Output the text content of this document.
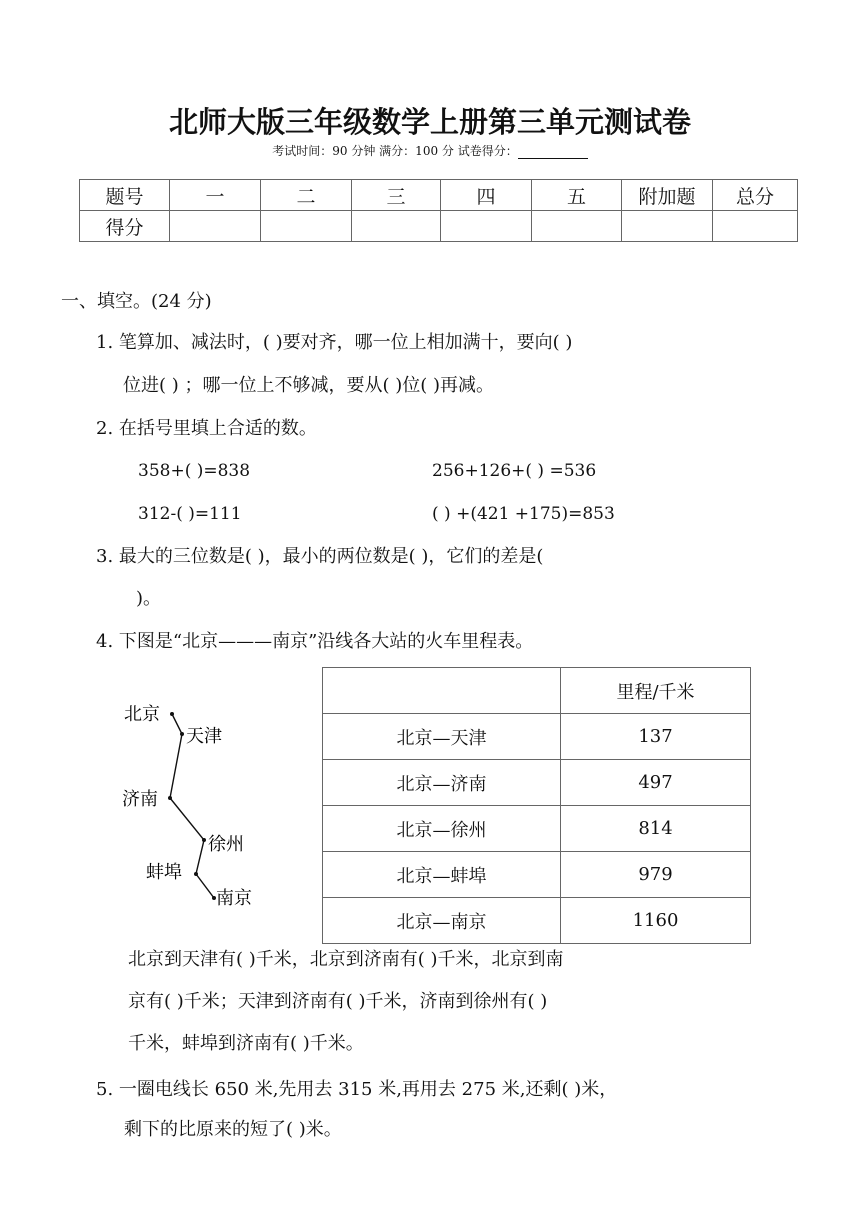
北师大版三年级数学上册第三单元测试卷
考试时间：90 分钟 满分：100 分 试卷得分：
题号	一	二	三	四	五	附加题	总分
得分							
一、填空。(24 分)
1. 笔算加、减法时，( )要对齐，哪一位上相加满十，要向( )
位进( ) ；哪一位上不够减，要从( )位( )再减。
2. 在括号里填上合适的数。
358+( )=838	256+126+( ) =536
312-( )=111	( ) +(421 +175)=853
3. 最大的三位数是( )，最小的两位数是( )，它们的差是(
)。
4. 下图是“北京———南京”沿线各大站的火车里程表。
北京
天津
济南
徐州
蚌埠
南京
	里程/千米
北京—天津	137
北京—济南	497
北京—徐州	814
北京—蚌埠	979
北京—南京	1160
北京到天津有( )千米，北京到济南有( )千米，北京到南
京有( )千米；天津到济南有( )千米，济南到徐州有( )
千米，蚌埠到济南有( )千米。
5. 一圈电线长 650 米,先用去 315 米,再用去 275 米,还剩( )米，
剩下的比原来的短了( )米。
